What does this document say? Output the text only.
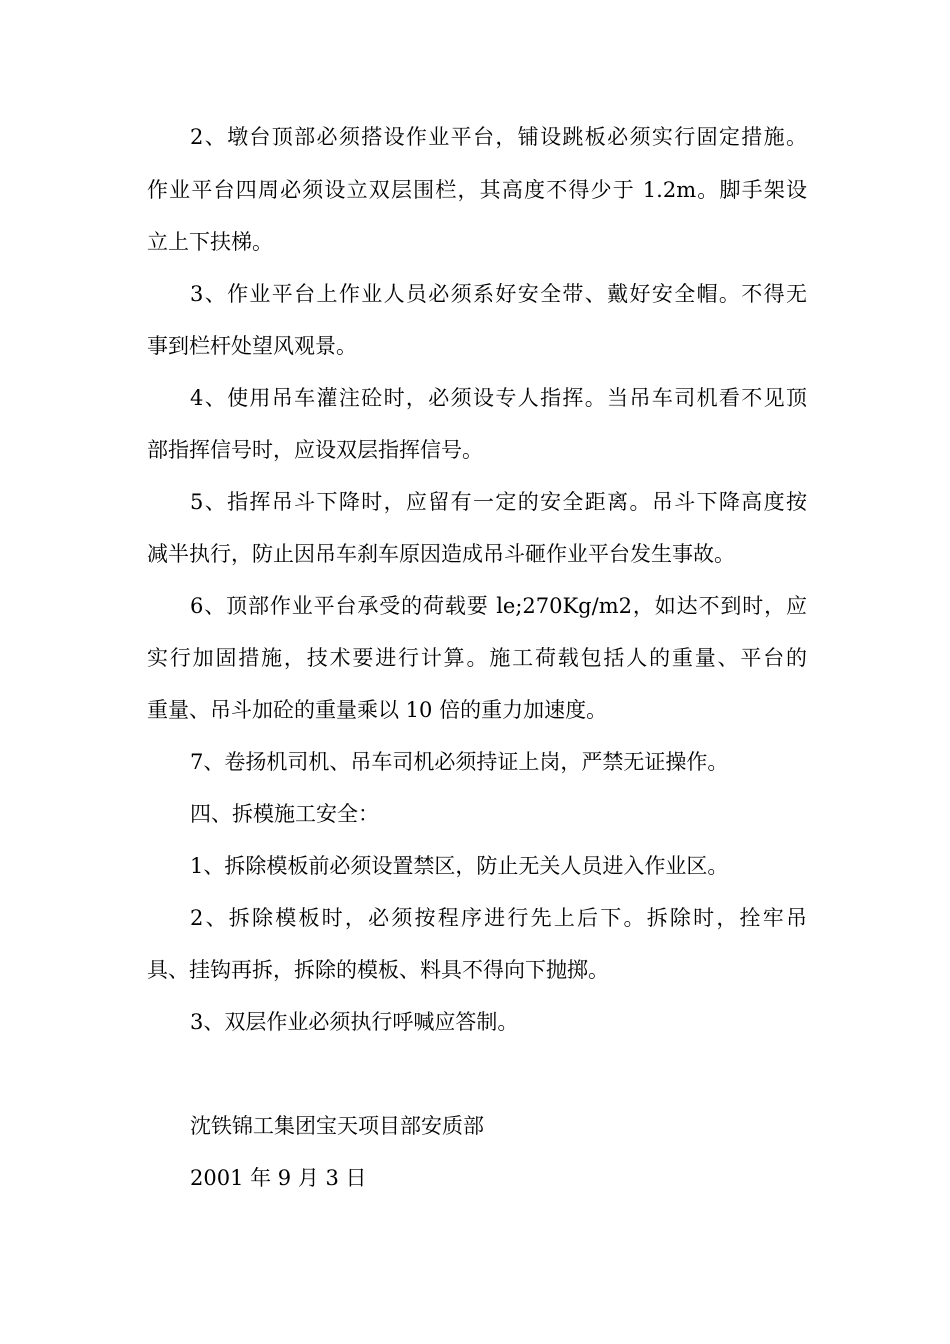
2、墩台顶部必须搭设作业平台，铺设跳板必须实行固定措施。
作业平台四周必须设立双层围栏，其高度不得少于 1.2m。脚手架设
立上下扶梯。
3、作业平台上作业人员必须系好安全带、戴好安全帽。不得无
事到栏杆处望风观景。
4、使用吊车灌注砼时，必须设专人指挥。当吊车司机看不见顶
部指挥信号时，应设双层指挥信号。
5、指挥吊斗下降时，应留有一定的安全距离。吊斗下降高度按
减半执行，防止因吊车刹车原因造成吊斗砸作业平台发生事故。
6、顶部作业平台承受的荷载要 le;270Kg/m2，如达不到时，应
实行加固措施，技术要进行计算。施工荷载包括人的重量、平台的
重量、吊斗加砼的重量乘以 10 倍的重力加速度。
7、卷扬机司机、吊车司机必须持证上岗，严禁无证操作。
四、拆模施工安全：
1、拆除模板前必须设置禁区，防止无关人员进入作业区。
2、拆除模板时，必须按程序进行先上后下。拆除时，拴牢吊
具、挂钩再拆，拆除的模板、料具不得向下抛掷。
3、双层作业必须执行呼喊应答制。
沈铁锦工集团宝天项目部安质部
2001 年 9 月 3 日
